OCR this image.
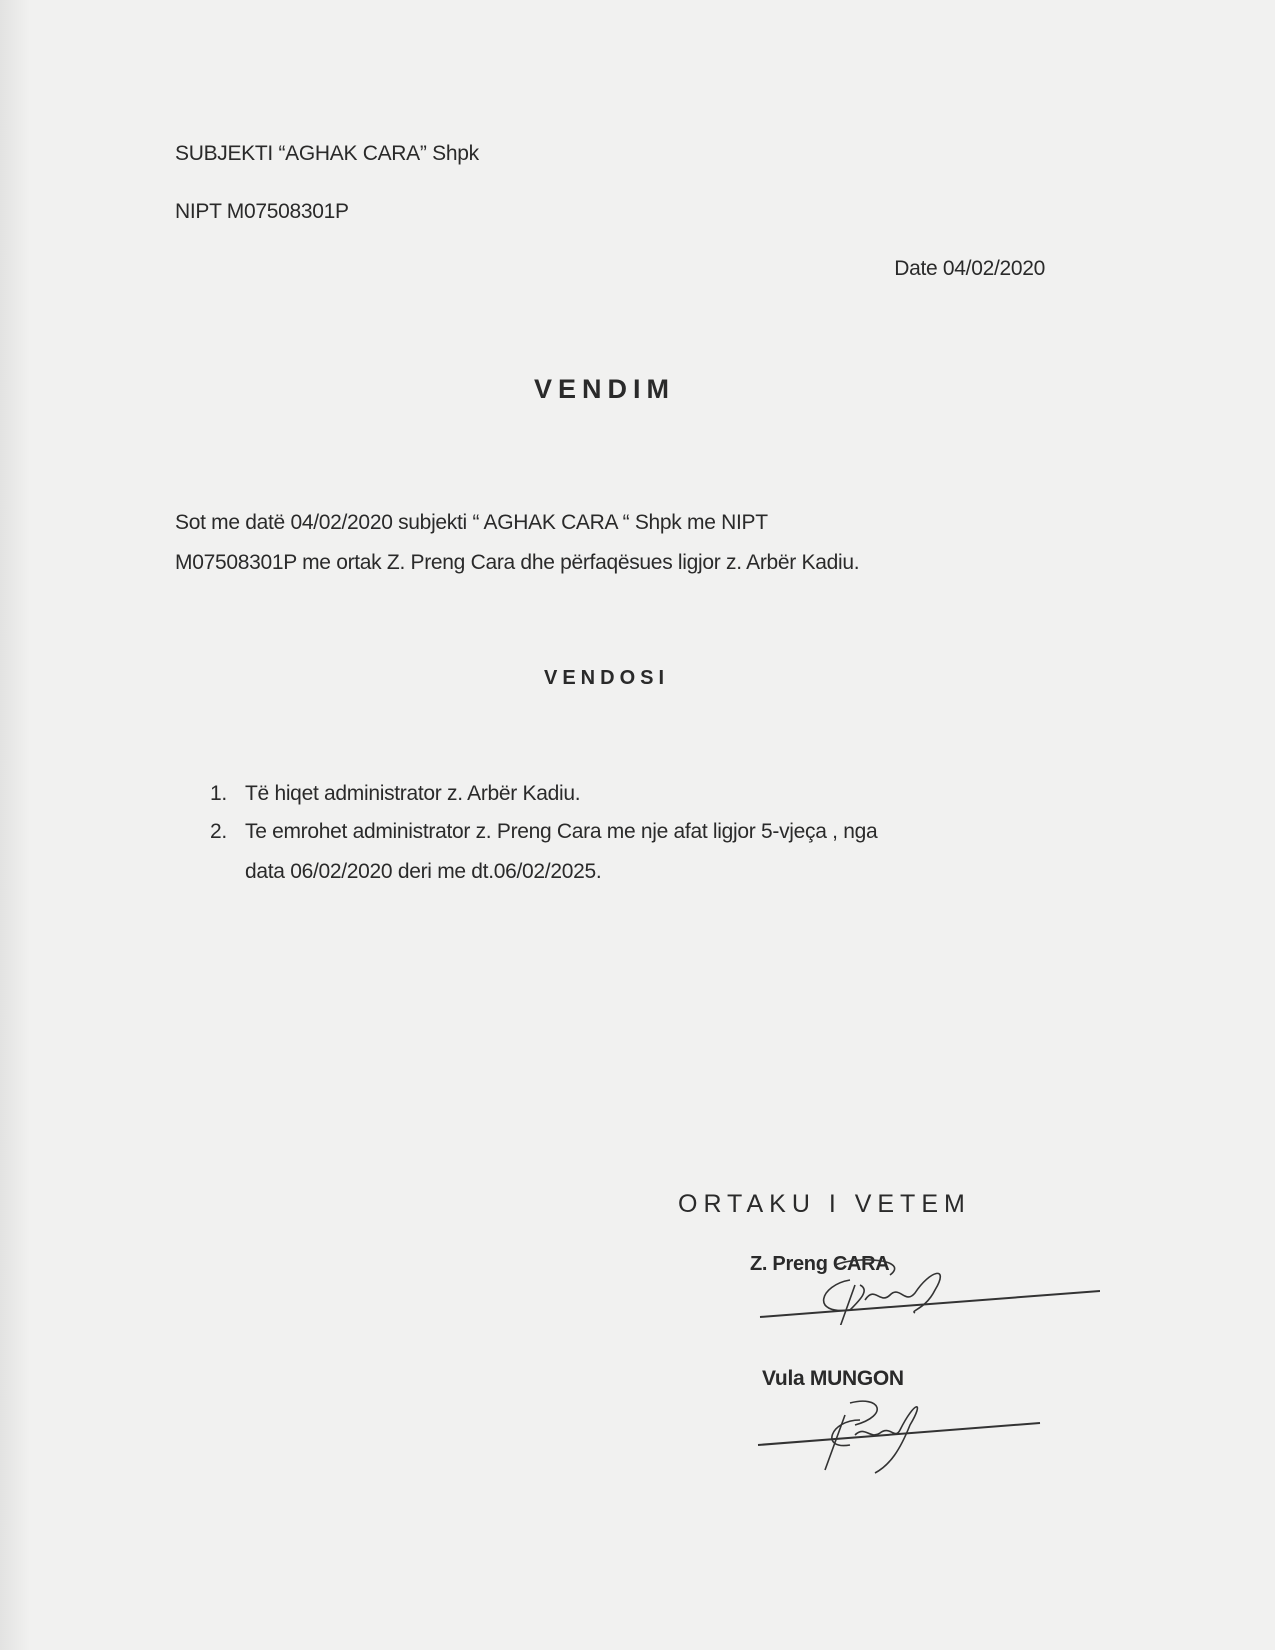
SUBJEKTI “AGHAK CARA” Shpk
NIPT M07508301P
Date 04/02/2020
VENDIM
Sot me datë 04/02/2020 subjekti “ AGHAK CARA “ Shpk me NIPT
M07508301P me ortak Z. Preng Cara dhe përfaqësues ligjor z. Arbër Kadiu.
VENDOSI
1. Të hiqet administrator z. Arbër Kadiu.
2. Te emrohet administrator z. Preng Cara me nje afat ligjor 5-vjeça , nga
data 06/02/2020 deri me dt.06/02/2025.
ORTAKU I VETEM
Z. Preng CARA
Vula MUNGON
